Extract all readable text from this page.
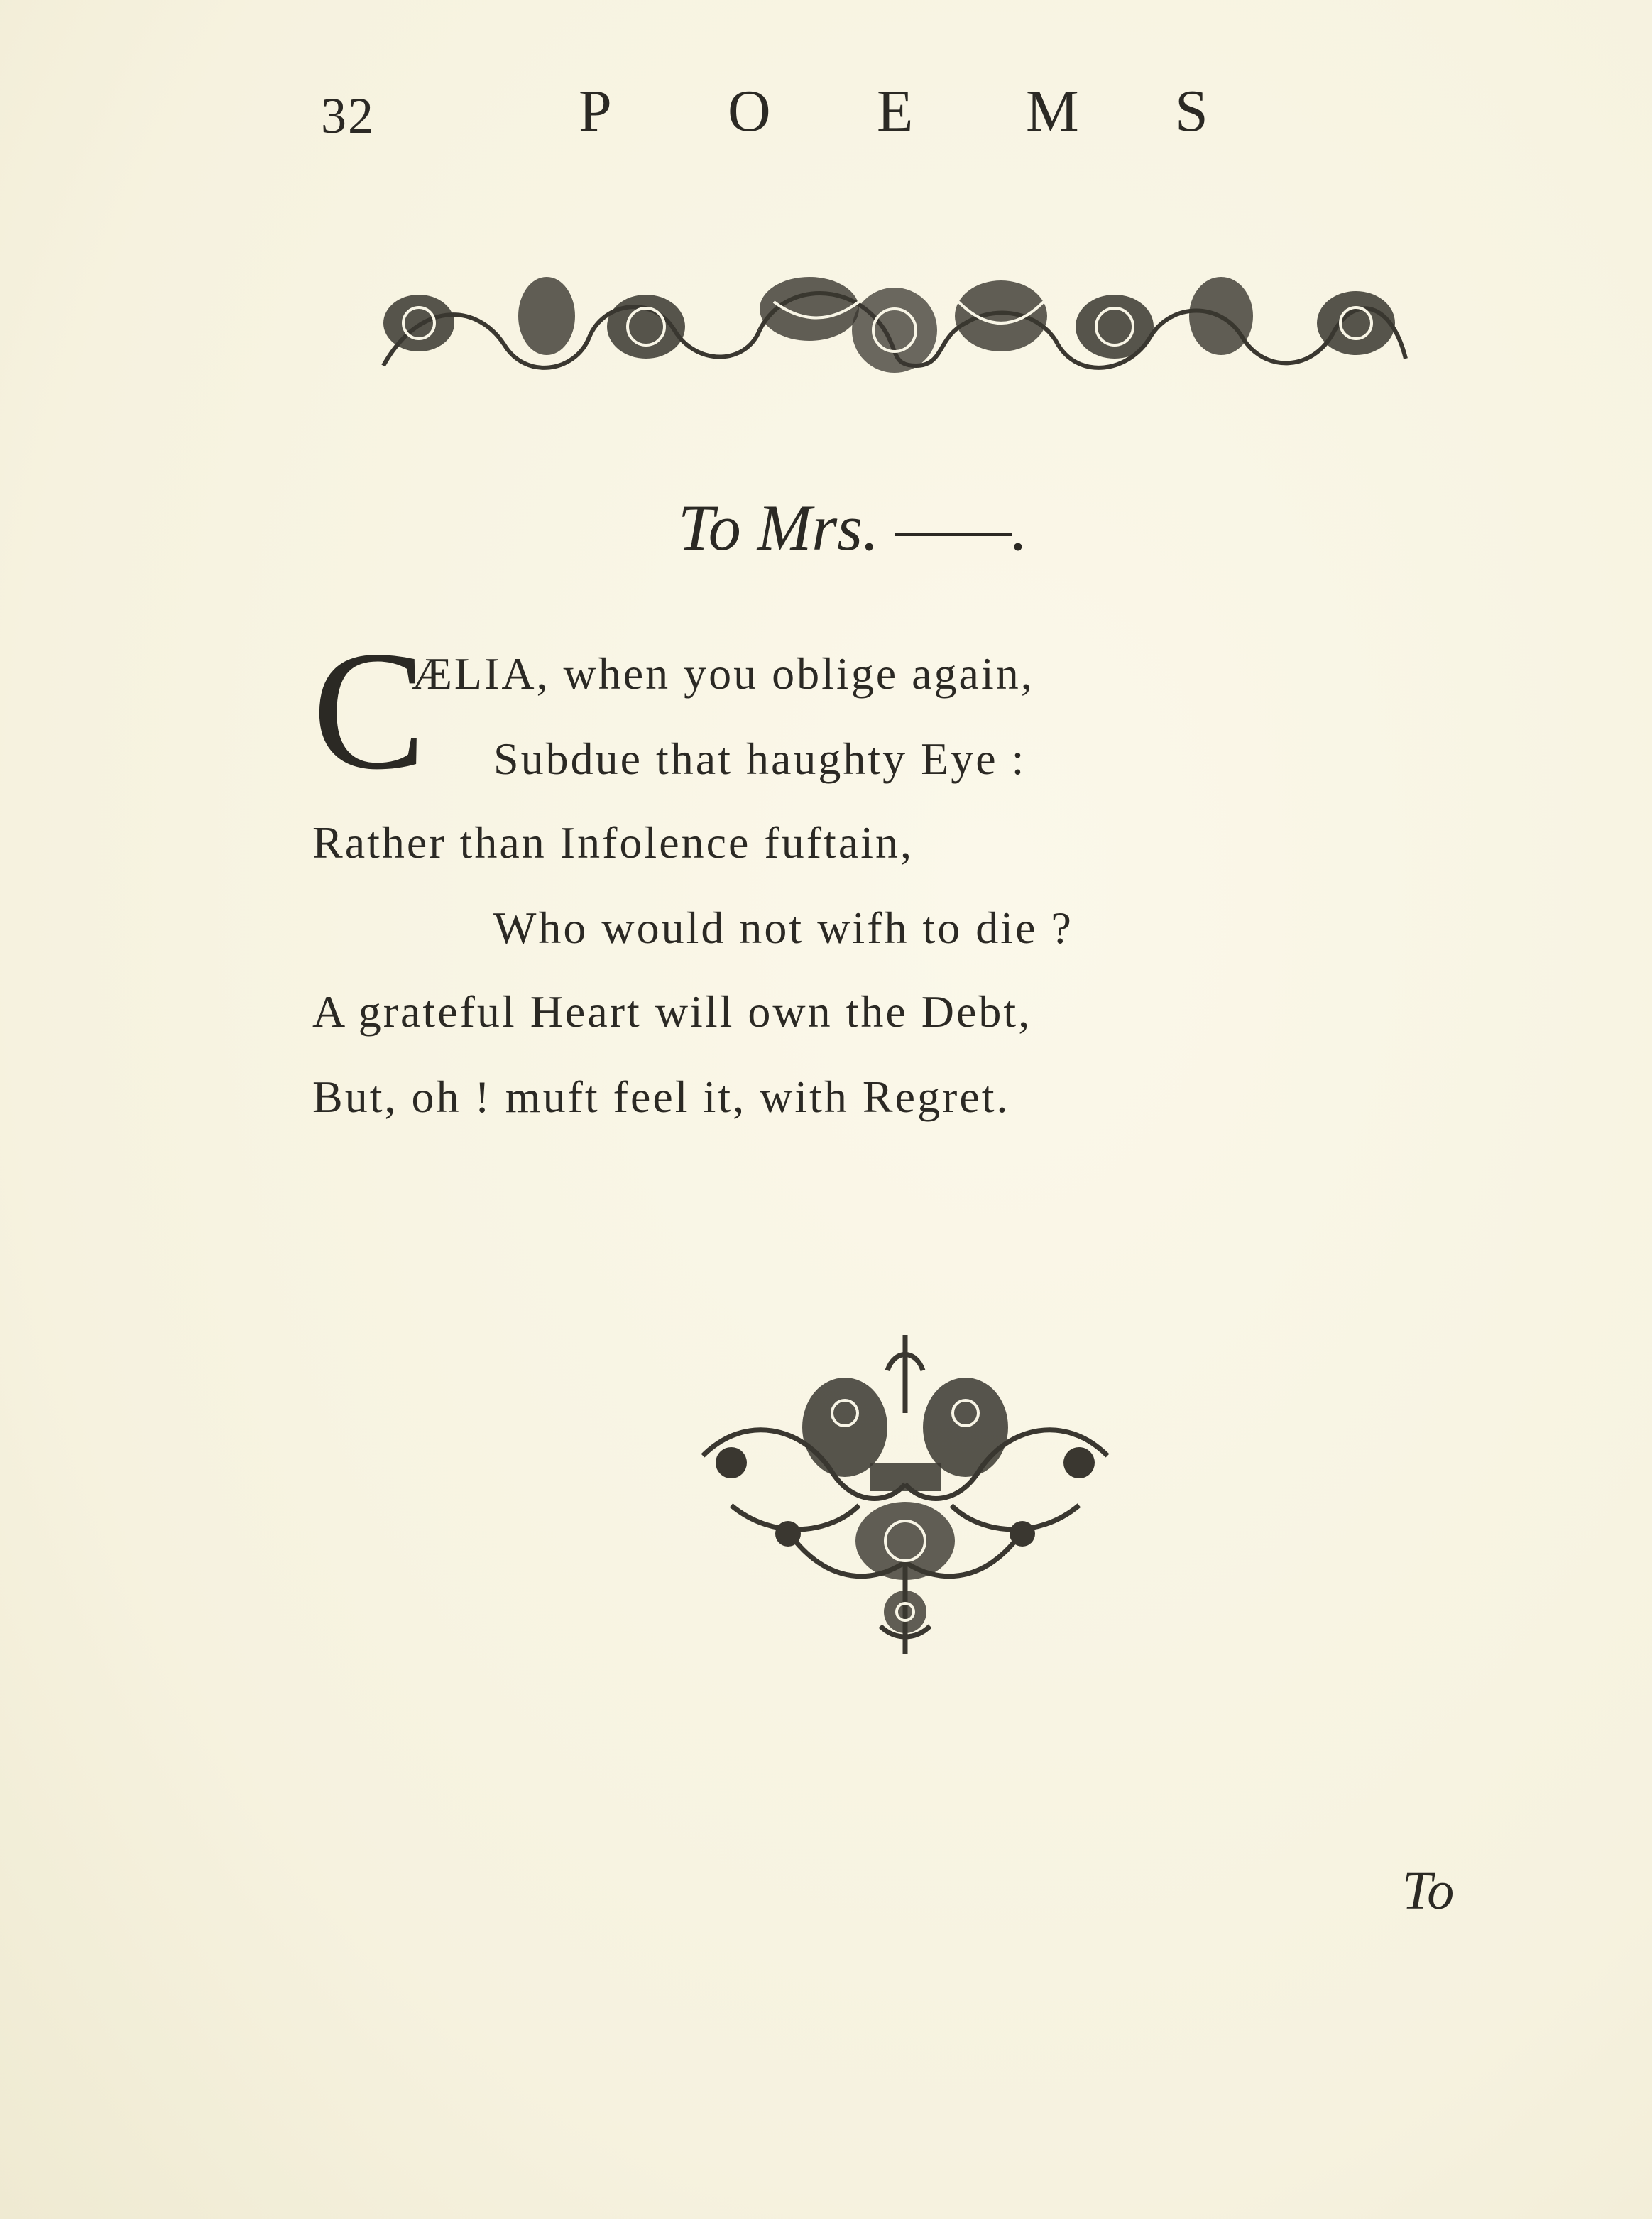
32	P	O	E	M	S
To Mrs. ——.
C
ÆLIA, when you oblige again,
Subdue that haughty Eye :
Rather than Infolence fuftain,
Who would not wifh to die ?
A grateful Heart will own the Debt,
But, oh ! muft feel it, with Regret.
To
